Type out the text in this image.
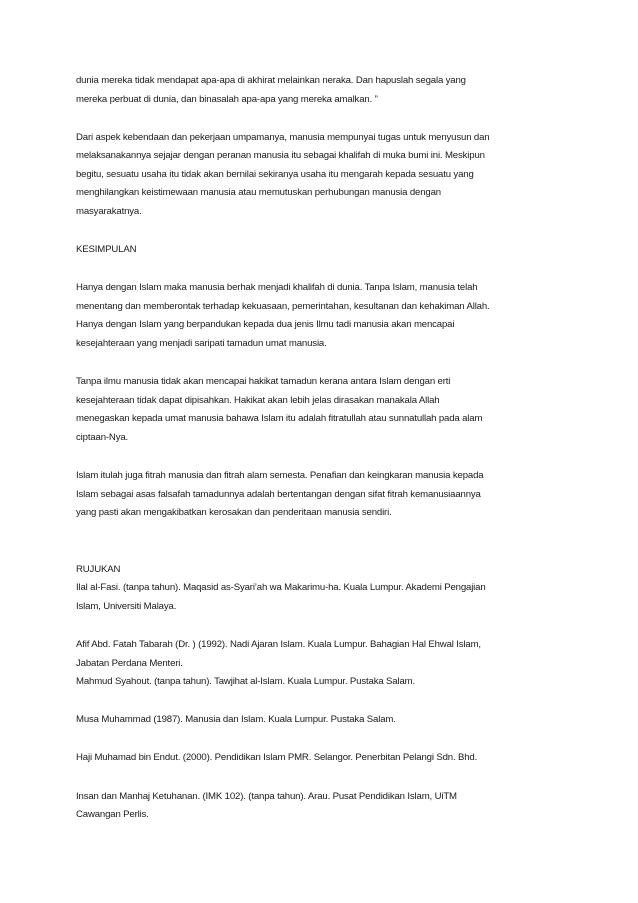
dunia mereka tidak mendapat apa-apa di akhirat melainkan neraka. Dan hapuslah segala yang
mereka perbuat di dunia, dan binasalah apa-apa yang mereka amalkan. ”
Dari aspek kebendaan dan pekerjaan umpamanya, manusia mempunyai tugas untuk menyusun dan
melaksanakannya sejajar dengan peranan manusia itu sebagai khalifah di muka bumi ini. Meskipun
begitu, sesuatu usaha itu tidak akan bernilai sekiranya usaha itu mengarah kepada sesuatu yang
menghilangkan keistimewaan manusia atau memutuskan perhubungan manusia dengan
masyarakatnya.
KESIMPULAN
Hanya dengan Islam maka manusia berhak menjadi khalifah di dunia. Tanpa Islam, manusia telah
menentang dan memberontak terhadap kekuasaan, pemerintahan, kesultanan dan kehakiman Allah.
Hanya dengan Islam yang berpandukan kepada dua jenis Ilmu tadi manusia akan mencapai
kesejahteraan yang menjadi saripati tamadun umat manusia.
Tanpa ilmu manusia tidak akan mencapai hakikat tamadun kerana antara Islam dengan erti
kesejahteraan tidak dapat dipisahkan. Hakikat akan lebih jelas dirasakan manakala Allah
menegaskan kepada umat manusia bahawa Islam itu adalah fitratullah atau sunnatullah pada alam
ciptaan-Nya.
Islam itulah juga fitrah manusia dan fitrah alam semesta. Penafian dan keingkaran manusia kepada
Islam sebagai asas falsafah tamadunnya adalah bertentangan dengan sifat fitrah kemanusiaannya
yang pasti akan mengakibatkan kerosakan dan penderitaan manusia sendiri.
RUJUKAN
Ilal al-Fasi. (tanpa tahun). Maqasid as-Syari’ah wa Makarimu-ha. Kuala Lumpur. Akademi Pengajian
Islam, Universiti Malaya.
Afif Abd. Fatah Tabarah (Dr. ) (1992). Nadi Ajaran Islam. Kuala Lumpur. Bahagian Hal Ehwal Islam,
Jabatan Perdana Menteri.
Mahmud Syahout. (tanpa tahun). Tawjihat al-Islam. Kuala Lumpur. Pustaka Salam.
Musa Muhammad (1987). Manusia dan Islam. Kuala Lumpur. Pustaka Salam.
Haji Muhamad bin Endut. (2000). Pendidikan Islam PMR. Selangor. Penerbitan Pelangi Sdn. Bhd.
Insan dan Manhaj Ketuhanan. (IMK 102). (tanpa tahun). Arau. Pusat Pendidikan Islam, UiTM
Cawangan Perlis.
